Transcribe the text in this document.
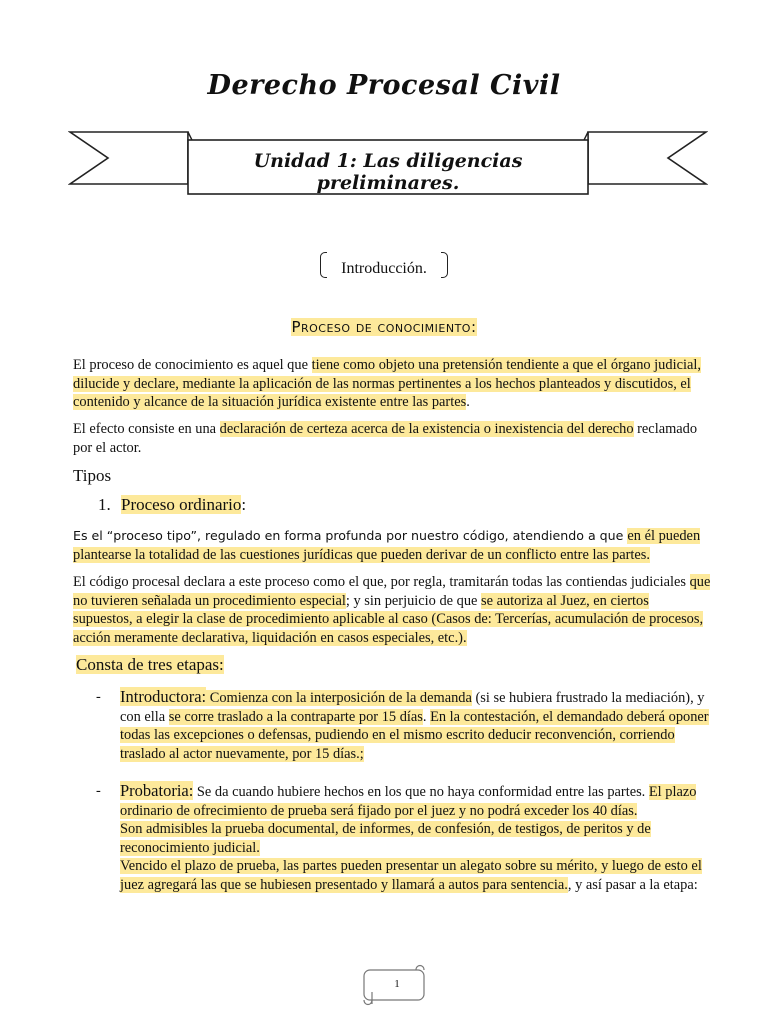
Derecho Procesal Civil
Unidad 1: Las diligencias preliminares.
Introducción.
Proceso de conocimiento:
El proceso de conocimiento es aquel que tiene como objeto una pretensión tendiente a que el órgano judicial, dilucide y declare, mediante la aplicación de las normas pertinentes a los hechos planteados y discutidos, el contenido y alcance de la situación jurídica existente entre las partes.
El efecto consiste en una declaración de certeza acerca de la existencia o inexistencia del derecho reclamado por el actor.
Tipos
1. Proceso ordinario:
Es el “proceso tipo”, regulado en forma profunda por nuestro código, atendiendo a que en él pueden plantearse la totalidad de las cuestiones jurídicas que pueden derivar de un conflicto entre las partes.
El código procesal declara a este proceso como el que, por regla, tramitarán todas las contiendas judiciales que no tuvieren señalada un procedimiento especial; y sin perjuicio de que se autoriza al Juez, en ciertos supuestos, a elegir la clase de procedimiento aplicable al caso (Casos de: Tercerías, acumulación de procesos, acción meramente declarativa, liquidación en casos especiales, etc.).
Consta de tres etapas:
- Introductora: Comienza con la interposición de la demanda (si se hubiera frustrado la mediación), y con ella se corre traslado a la contraparte por 15 días. En la contestación, el demandado deberá oponer todas las excepciones o defensas, pudiendo en el mismo escrito deducir reconvención, corriendo traslado al actor nuevamente, por 15 días.;
- Probatoria: Se da cuando hubiere hechos en los que no haya conformidad entre las partes. El plazo ordinario de ofrecimiento de prueba será fijado por el juez y no podrá exceder los 40 días.
Son admisibles la prueba documental, de informes, de confesión, de testigos, de peritos y de reconocimiento judicial.
Vencido el plazo de prueba, las partes pueden presentar un alegato sobre su mérito, y luego de esto el juez agregará las que se hubiesen presentado y llamará a autos para sentencia., y así pasar a la etapa:
1
